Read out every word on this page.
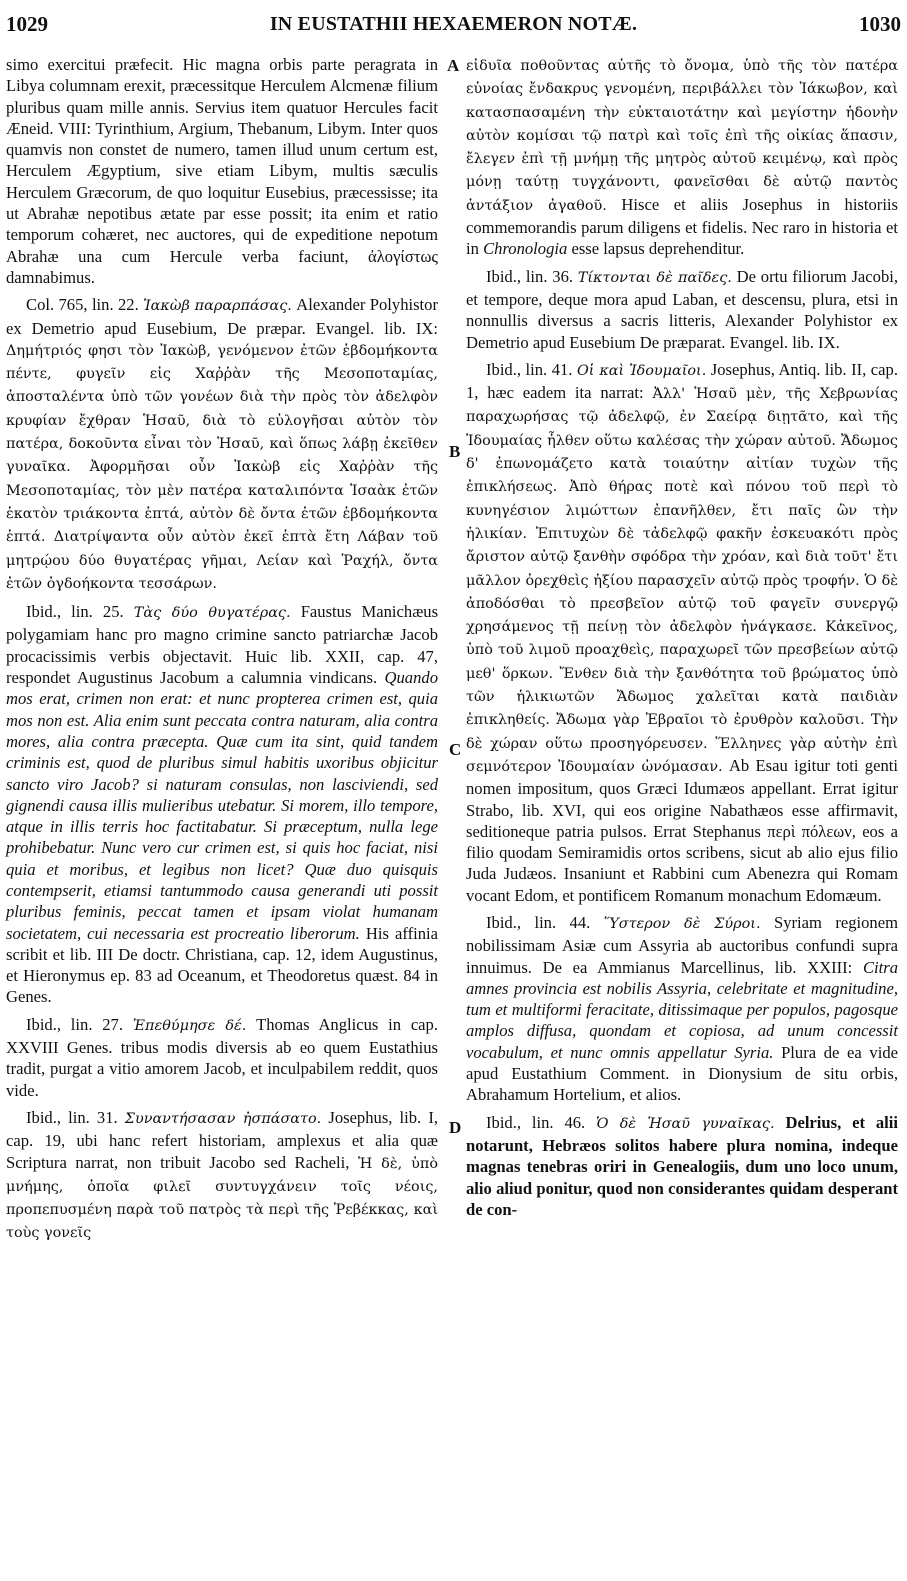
1029	IN EUSTATHII HEXAEMERON NOTÆ.	1030
A
B
C
D

simo exercitui præfecit. Hic magna orbis parte peragrata in Libya columnam erexit, præcessitque Herculem Alcmenæ filium pluribus quam mille annis. Servius item quatuor Hercules facit Æneid. VIII: Tyrinthium, Argium, Thebanum, Libym. Inter quos quamvis non constet de numero, tamen illud unum certum est, Herculem Ægyptium, sive etiam Libym, multis sæculis Herculem Græcorum, de quo loquitur Eusebius, præcessisse; ita ut Abrahæ nepotibus ætate par esse possit; ita enim et ratio temporum cohæret, nec auctores, qui de expeditione nepotum Abrahæ una cum Hercule verba faciunt, ἀλογίστως damnabimus.

Col. 765, lin. 22. Ἰακὼβ παραρπάσας. Alexander Polyhistor ex Demetrio apud Eusebium, De præpar. Evangel. lib. IX: Δημήτριός φησι τὸν Ἰακὼβ, γενόμενον ἐτῶν ἑβδομήκοντα πέντε, φυγεῖν εἰς Χαῤῥὰν τῆς Μεσοποταμίας, ἀποσταλέντα ὑπὸ τῶν γονέων διὰ τὴν πρὸς τὸν ἀδελφὸν κρυφίαν ἔχθραν Ἡσαῦ, διὰ τὸ εὐλογῆσαι αὐτὸν τὸν πατέρα, δοκοῦντα εἶναι τὸν Ἡσαῦ, καὶ ὅπως λάβῃ ἐκεῖθεν γυναῖκα. Ἀφορμῆσαι οὖν Ἰακὼβ εἰς Χαῤῥὰν τῆς Μεσοποταμίας, τὸν μὲν πατέρα καταλιπόντα Ἰσαὰκ ἐτῶν ἑκατὸν τριάκοντα ἑπτά, αὐτὸν δὲ ὄντα ἐτῶν ἑβδομήκοντα ἑπτά. Διατρίψαντα οὖν αὐτὸν ἐκεῖ ἑπτὰ ἔτη Λάβαν τοῦ μητρῴου δύο θυγατέρας γῆμαι, Λείαν καὶ Ῥαχήλ, ὄντα ἐτῶν ὀγδοήκοντα τεσσάρων.

Ibid., lin. 25. Τὰς δύο θυγατέρας. Faustus Manichæus polygamiam hanc pro magno crimine sancto patriarchæ Jacob procacissimis verbis objectavit. Huic lib. XXII, cap. 47, respondet Augustinus Jacobum a calumnia vindicans. Quando mos erat, crimen non erat: et nunc propterea crimen est, quia mos non est. Alia enim sunt peccata contra naturam, alia contra mores, alia contra præcepta. Quæ cum ita sint, quid tandem criminis est, quod de pluribus simul habitis uxoribus objicitur sancto viro Jacob? si naturam consulas, non lasciviendi, sed gignendi causa illis mulieribus utebatur. Si morem, illo tempore, atque in illis terris hoc factitabatur. Si præceptum, nulla lege prohibebatur. Nunc vero cur crimen est, si quis hoc faciat, nisi quia et moribus, et legibus non licet? Quæ duo quisquis contempserit, etiamsi tantummodo causa generandi uti possit pluribus feminis, peccat tamen et ipsam violat humanam societatem, cui necessaria est procreatio liberorum. His affinia scribit et lib. III De doctr. Christiana, cap. 12, idem Augustinus, et Hieronymus ep. 83 ad Oceanum, et Theodoretus quæst. 84 in Genes.

Ibid., lin. 27. Ἐπεθύμησε δέ. Thomas Anglicus in cap. XXVIII Genes. tribus modis diversis ab eo quem Eustathius tradit, purgat a vitio amorem Jacob, et inculpabilem reddit, quos vide.

Ibid., lin. 31. Συναντήσασαν ἠσπάσατο. Josephus, lib. I, cap. 19, ubi hanc refert historiam, amplexus et alia quæ Scriptura narrat, non tribuit Jacobo sed Racheli, Ἡ δὲ, ὑπὸ μνήμης, ὁποῖα φιλεῖ συντυγχάνειν τοῖς νέοις, προπεπυσμένη παρὰ τοῦ πατρὸς τὰ περὶ τῆς Ῥεβέκκας, καὶ τοὺς γονεῖς

εἰδυῖα ποθοῦντας αὐτῆς τὸ ὄνομα, ὑπὸ τῆς τὸν πατέρα εὐνοίας ἔνδακρυς γενομένη, περιβάλλει τὸν Ἰάκωβον, καὶ κατασπασαμένη τὴν εὐκταιοτάτην καὶ μεγίστην ἡδονὴν αὐτὸν κομίσαι τῷ πατρὶ καὶ τοῖς ἐπὶ τῆς οἰκίας ἅπασιν, ἔλεγεν ἐπὶ τῇ μνήμῃ τῆς μητρὸς αὐτοῦ κειμένῳ, καὶ πρὸς μόνῃ ταύτῃ τυγχάνοντι, φανεῖσθαι δὲ αὐτῷ παντὸς ἀντάξιον ἀγαθοῦ. Hisce et aliis Josephus in historiis commemorandis parum diligens et fidelis. Nec raro in historia et in Chronologia esse lapsus deprehenditur.

Ibid., lin. 36. Τίκτονται δὲ παῖδες. De ortu filiorum Jacobi, et tempore, deque mora apud Laban, et descensu, plura, etsi in nonnullis diversus a sacris litteris, Alexander Polyhistor ex Demetrio apud Eusebium De præparat. Evangel. lib. IX.

Ibid., lin. 41. Οἱ καὶ Ἰδουμαῖοι. Josephus, Antiq. lib. II, cap. 1, hæc eadem ita narrat: Ἀλλ' Ἡσαῦ μὲν, τῆς Χεβρωνίας παραχωρήσας τῷ ἀδελφῷ, ἐν Σαείρᾳ διῃτᾶτο, καὶ τῆς Ἰδουμαίας ἦλθεν οὕτω καλέσας τὴν χώραν αὐτοῦ. Ἄδωμος δ' ἐπωνομάζετο κατὰ τοιαύτην αἰτίαν τυχὼν τῆς ἐπικλήσεως. Ἀπὸ θήρας ποτὲ καὶ πόνου τοῦ περὶ τὸ κυνηγέσιον λιμώττων ἐπανῆλθεν, ἔτι παῖς ὢν τὴν ἡλικίαν. Ἐπιτυχὼν δὲ τἀδελφῷ φακῆν ἐσκευακότι πρὸς ἄριστον αὐτῷ ξανθὴν σφόδρα τὴν χρόαν, καὶ διὰ τοῦτ' ἔτι μᾶλλον ὀρεχθεὶς ἠξίου παρασχεῖν αὐτῷ πρὸς τροφήν. Ὁ δὲ ἀποδόσθαι τὸ πρεσβεῖον αὐτῷ τοῦ φαγεῖν συνεργῷ χρησάμενος τῇ πείνῃ τὸν ἀδελφὸν ἠνάγκασε. Κἀκεῖνος, ὑπὸ τοῦ λιμοῦ προαχθεὶς, παραχωρεῖ τῶν πρεσβείων αὐτῷ μεθ' ὅρκων. Ἔνθεν διὰ τὴν ξανθότητα τοῦ βρώματος ὑπὸ τῶν ἡλικιωτῶν Ἄδωμος χαλεῖται κατὰ παιδιὰν ἐπικληθείς. Ἄδωμα γὰρ Ἑβραῖοι τὸ ἐρυθρὸν καλοῦσι. Τὴν δὲ χώραν οὕτω προσηγόρευσεν. Ἕλληνες γὰρ αὐτὴν ἐπὶ σεμνότερον Ἰδουμαίαν ὠνόμασαν. Ab Esau igitur toti genti nomen impositum, quos Græci Idumæos appellant. Errat igitur Strabo, lib. XVI, qui eos origine Nabathæos esse affirmavit, seditioneque patria pulsos. Errat Stephanus περὶ πόλεων, eos a filio quodam Semiramidis ortos scribens, sicut ab alio ejus filio Juda Judæos. Insaniunt et Rabbini cum Abenezra qui Romam vocant Edom, et pontificem Romanum monachum Edomæum.

Ibid., lin. 44. Ὕστερον δὲ Σύροι. Syriam regionem nobilissimam Asiæ cum Assyria ab auctoribus confundi supra innuimus. De ea Ammianus Marcellinus, lib. XXIII: Citra amnes provincia est nobilis Assyria, celebritate et magnitudine, tum et multiformi feracitate, ditissimaque per populos, pagosque amplos diffusa, quondam et copiosa, ad unum concessit vocabulum, et nunc omnis appellatur Syria. Plura de ea vide apud Eustathium Comment. in Dionysium de situ orbis, Abrahamum Hortelium, et alios.

Ibid., lin. 46. Ὁ δὲ Ἡσαῦ γυναῖκας. Delrius, et alii notarunt, Hebræos solitos habere plura nomina, indeque magnas tenebras oriri in Genealogiis, dum uno loco unum, alio aliud ponitur, quod non considerantes quidam desperant de con-
